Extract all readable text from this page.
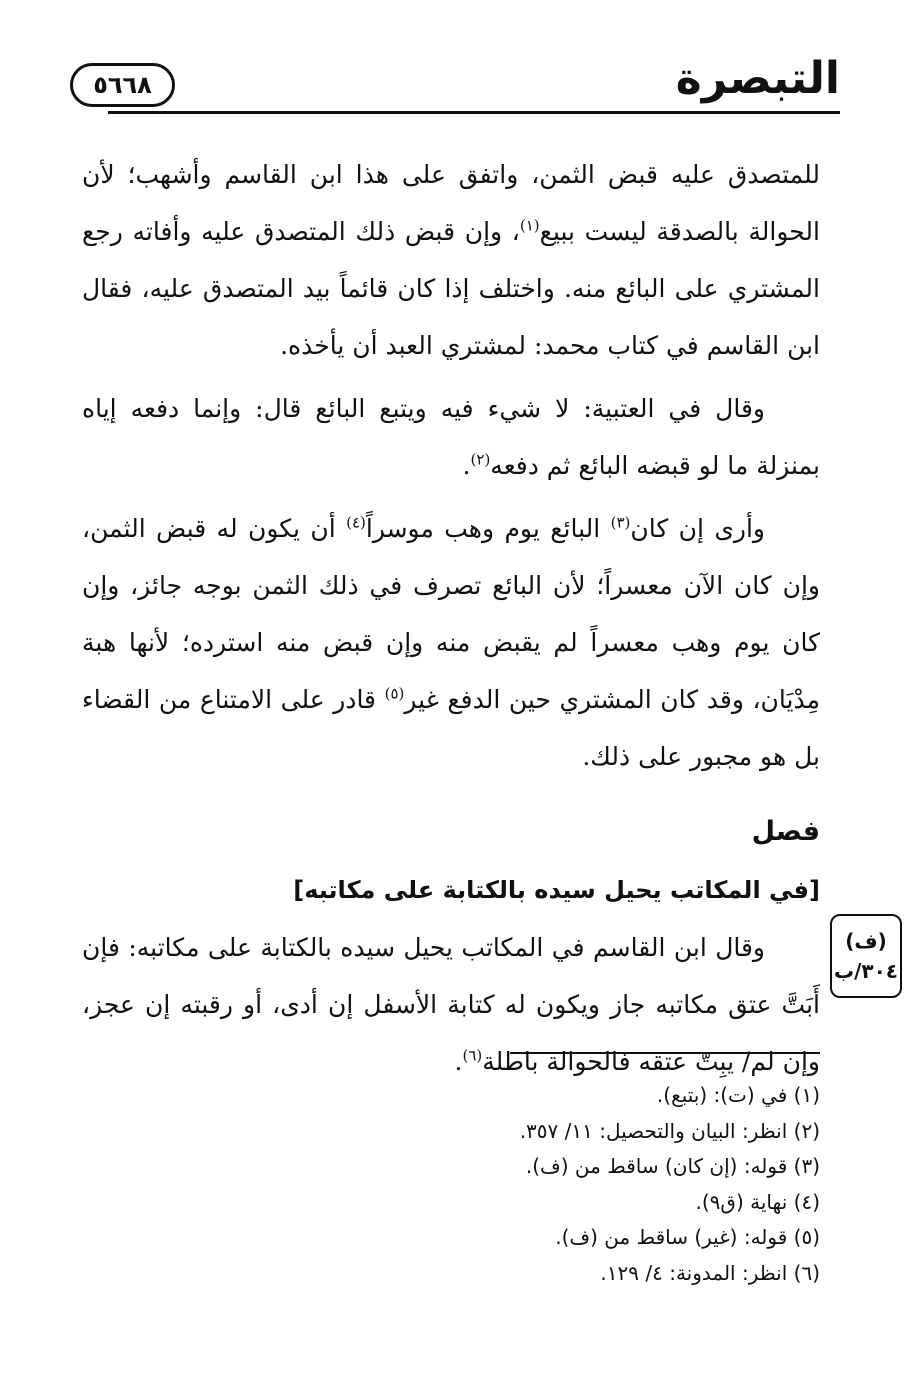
التبصرة
٥٦٦٨

للمتصدق عليه قبض الثمن، واتفق على هذا ابن القاسم وأشهب؛ لأن الحوالة بالصدقة ليست ببيع$^{(١)}$، وإن قبض ذلك المتصدق عليه وأفاته رجع المشتري على البائع منه. واختلف إذا كان قائماً بيد المتصدق عليه، فقال ابن القاسم في كتاب محمد: لمشتري العبد أن يأخذه.

وقال في العتبية: لا شيء فيه ويتبع البائع قال: وإنما دفعه إياه بمنزلة ما لو قبضه البائع ثم دفعه$^{(٢)}$.

وأرى إن كان$^{(٣)}$ البائع يوم وهب موسراً$^{(٤)}$ أن يكون له قبض الثمن، وإن كان الآن معسراً؛ لأن البائع تصرف في ذلك الثمن بوجه جائز، وإن كان يوم وهب معسراً لم يقبض منه وإن قبض منه استرده؛ لأنها هبة مِدْيَان، وقد كان المشتري حين الدفع غير$^{(٥)}$ قادر على الامتناع من القضاء بل هو مجبور على ذلك.

فصل
[في المكاتب يحيل سيده بالكتابة على مكاتبه]

وقال ابن القاسم في المكاتب يحيل سيده بالكتابة على مكاتبه: فإن أَبَتَّ عتق مكاتبه جاز ويكون له كتابة الأسفل إن أدى، أو رقبته إن عجز، وإن لم/ يبِتّ عتقه فالحوالة باطلة$^{(٦)}$.

(ف)
٣٠٤/ب
(١) في (ت): (بتبع).
(٢) انظر: البيان والتحصيل: ١١/ ٣٥٧.
(٣) قوله: (إن كان) ساقط من (ف).
(٤) نهاية (ق٩).
(٥) قوله: (غير) ساقط من (ف).
(٦) انظر: المدونة: ٤/ ١٢٩.
